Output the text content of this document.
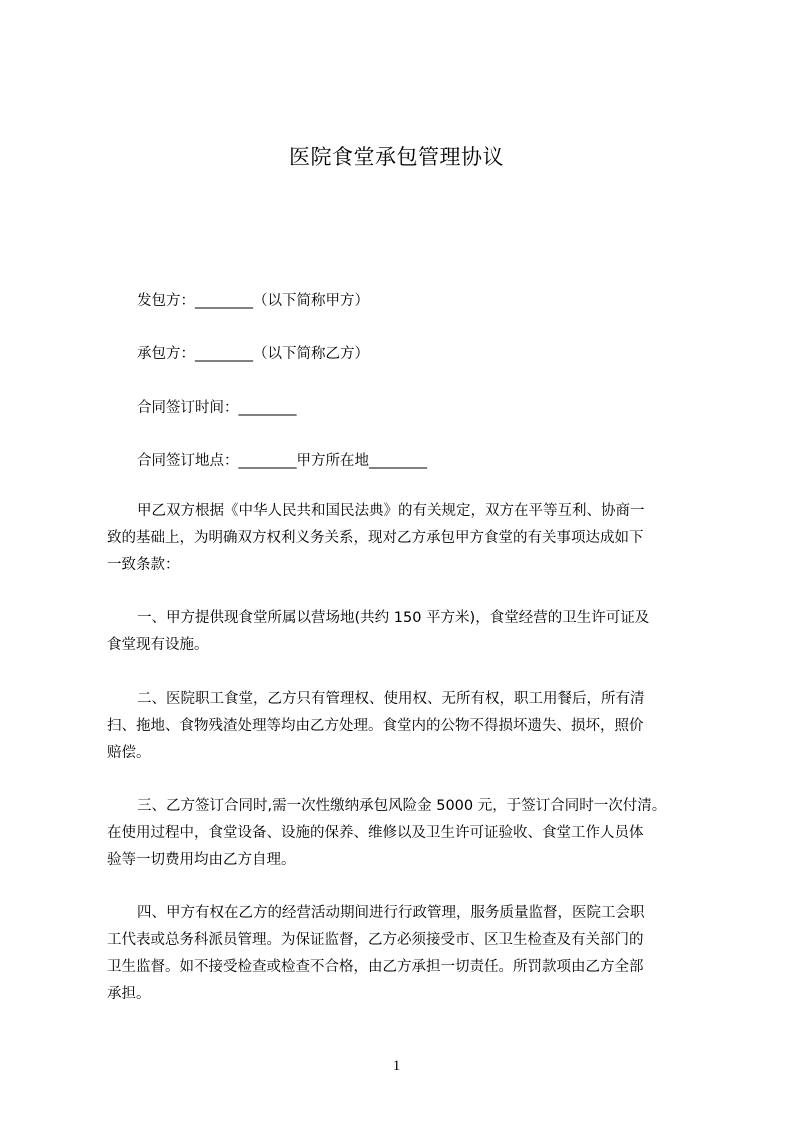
医院食堂承包管理协议
发包方：________（以下简称甲方）
承包方：________（以下简称乙方）
合同签订时间：________
合同签订地点：________甲方所在地________
甲乙双方根据《中华人民共和国民法典》的有关规定，双方在平等互利、协商一
致的基础上，为明确双方权利义务关系，现对乙方承包甲方食堂的有关事项达成如下
一致条款：
一、甲方提供现食堂所属以营场地(共约 150 平方米)，食堂经营的卫生许可证及
食堂现有设施。
二、医院职工食堂，乙方只有管理权、使用权、无所有权，职工用餐后，所有清
扫、拖地、食物残渣处理等均由乙方处理。食堂内的公物不得损坏遗失、损坏，照价
赔偿。
三、乙方签订合同时,需一次性缴纳承包风险金 5000 元，于签订合同时一次付清。
在使用过程中，食堂设备、设施的保养、维修以及卫生许可证验收、食堂工作人员体
验等一切费用均由乙方自理。
四、甲方有权在乙方的经营活动期间进行行政管理，服务质量监督，医院工会职
工代表或总务科派员管理。为保证监督，乙方必须接受市、区卫生检查及有关部门的
卫生监督。如不接受检查或检查不合格，由乙方承担一切责任。所罚款项由乙方全部
承担。
1
